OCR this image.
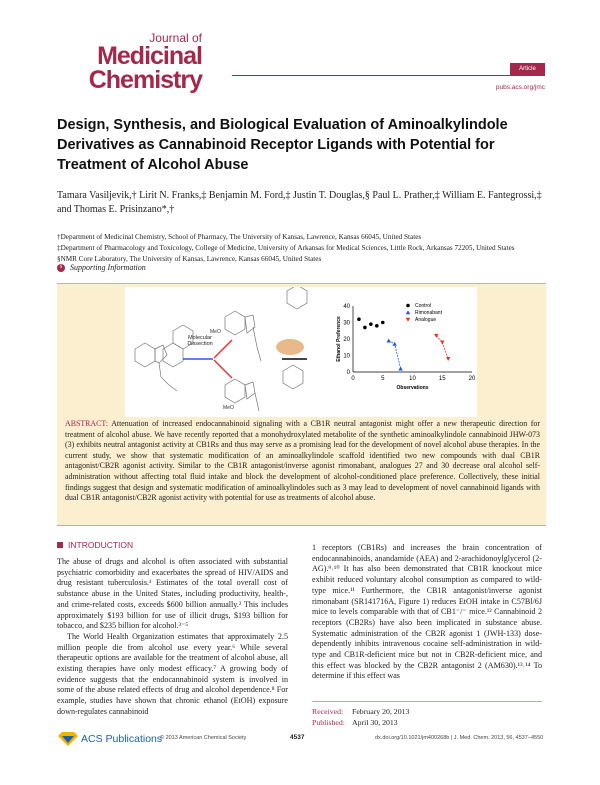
Journal of
Medicinal
Chemistry	Article
pubs.acs.org/jmc
Design, Synthesis, and Biological Evaluation of Aminoalkylindole Derivatives as Cannabinoid Receptor Ligands with Potential for Treatment of Alcohol Abuse
Tamara Vasiljevik,† Lirit N. Franks,‡ Benjamin M. Ford,‡ Justin T. Douglas,§ Paul L. Prather,‡ William E. Fantegrossi,‡ and Thomas E. Prisinzano*,†
†Department of Medicinal Chemistry, School of Pharmacy, The University of Kansas, Lawrence, Kansas 66045, United States
‡Department of Pharmacology and Toxicology, College of Medicine, University of Arkansas for Medical Sciences, Little Rock, Arkansas 72205, United States
§NMR Core Laboratory, The University of Kansas, Lawrence, Kansas 66045, United States
S Supporting Information
MeO
MeO
Molecular Dissection
0	5	10	15	20
0
10
20
30
40
Observations
Ethanol Preference
Control
Rimonabant
Analogue
ABSTRACT: Attenuation of increased endocannabinoid signaling with a CB1R neutral antagonist might offer a new therapeutic direction for treatment of alcohol abuse. We have recently reported that a monohydroxylated metabolite of the synthetic aminoalkylindole cannabinoid JHW-073 (3) exhibits neutral antagonist activity at CB1Rs and thus may serve as a promising lead for the development of novel alcohol abuse therapies. In the current study, we show that systematic modification of an aminoalkylindole scaffold identified two new compounds with dual CB1R antagonist/CB2R agonist activity. Similar to the CB1R antagonist/inverse agonist rimonabant, analogues 27 and 30 decrease oral alcohol self-administration without affecting total fluid intake and block the development of alcohol-conditioned place preference. Collectively, these initial findings suggest that design and systematic modification of aminoalkylindoles such as 3 may lead to development of novel cannabinoid ligands with dual CB1R antagonist/CB2R agonist activity with potential for use as treatments of alcohol abuse.
INTRODUCTION

The abuse of drugs and alcohol is often associated with substantial psychiatric comorbidity and exacerbates the spread of HIV/AIDS and drug resistant tuberculosis.¹ Estimates of the total overall cost of substance abuse in the United States, including productivity, health-, and crime-related costs, exceeds $600 billion annually.² This includes approximately $193 billion for use of illicit drugs, $193 billion for tobacco, and $235 billion for alcohol.³⁻⁵

The World Health Organization estimates that approximately 2.5 million people die from alcohol use every year.⁶ While several therapeutic options are available for the treatment of alcohol abuse, all existing therapies have only modest efficacy.⁷ A growing body of evidence suggests that the endocannabinoid system is involved in some of the abuse related effects of drug and alcohol dependence.⁸ For example, studies have shown that chronic ethanol (EtOH) exposure down-regulates cannabinoid

1 receptors (CB1Rs) and increases the brain concentration of endocannabinoids, anandamide (AEA) and 2-arachidonoylglycerol (2-AG).⁹˒¹⁰ It has also been demonstrated that CB1R knockout mice exhibit reduced voluntary alcohol consumption as compared to wild-type mice.¹¹ Furthermore, the CB1R antagonist/inverse agonist rimonabant (SR141716A, Figure 1) reduces EtOH intake in C57Bl/6J mice to levels comparable with that of CB1⁻/⁻ mice.¹² Cannabinoid 2 receptors (CB2Rs) have also been implicated in substance abuse. Systematic administration of the CB2R agonist 1 (JWH-133) dose-dependently inhibits intravenous cocaine self-administration in wild-type and CB1R-deficient mice but not in CB2R-deficient mice, and this effect was blocked by the CB2R antagonist 2 (AM630).¹³˒¹⁴ To determine if this effect was

Received: February 20, 2013
Published: April 30, 2013
ACS Publications
© 2013 American Chemical Society	4537	dx.doi.org/10.1021/jm400268b | J. Med. Chem. 2013, 56, 4537−4550
